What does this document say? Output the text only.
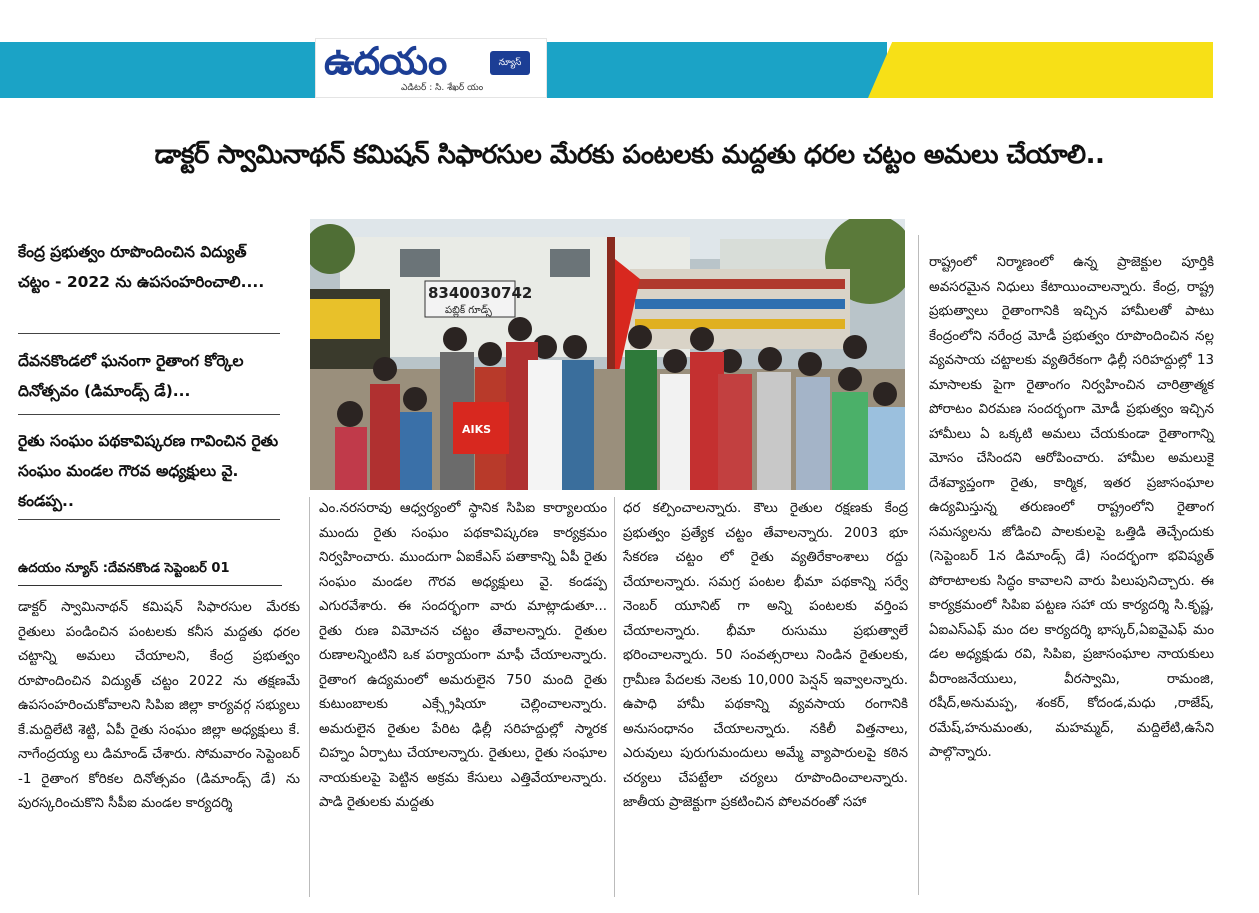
ఉదయం	న్యూస్
ఎడిటర్ : సి. శేఖర్ యం
డాక్టర్ స్వామినాథన్ కమిషన్ సిఫారసుల మేరకు పంటలకు మద్దతు ధరల చట్టం అమలు చేయాలి..
కేంద్ర ప్రభుత్వం రూపొందించిన విద్యుత్ చట్టం - 2022 ను ఉపసంహరించాలి....
దేవనకొండలో ఘనంగా రైతాంగ కోర్కెల దినోత్సవం (డిమాండ్స్ డే)...
రైతు సంఘం పథకావిష్కరణ గావించిన రైతు సంఘం మండల గౌరవ అధ్యక్షులు వై. కండప్ప..
ఉదయం న్యూస్ :దేవనకొండ సెప్టెంబర్ 01
8340030742
పబ్లిక్ గూడ్స్
AIKS
డాక్టర్ స్వామినాథన్ కమిషన్ సిఫారసుల మేరకు రైతులు పండించిన పంటలకు కనీస మద్దతు ధరల చట్టాన్ని అమలు చేయాలని, కేంద్ర ప్రభుత్వం రూపొందించిన విద్యుత్ చట్టం 2022 ను తక్షణమే ఉపసంహరించుకోవాలని సిపిఐ జిల్లా కార్యవర్గ సభ్యులు కే.మద్దిలేటి శెట్టి, ఏపీ రైతు సంఘం జిల్లా అధ్యక్షులు కే. నాగేంద్రయ్య లు డిమాండ్ చేశారు. సోమవారం సెప్టెంబర్ -1 రైతాంగ కోరికల దినోత్సవం (డిమాండ్స్ డే) ను పురస్కరించుకొని సీపీఐ మండల కార్యదర్శి
ఎం.నరసరావు ఆధ్వర్యంలో స్థానిక సిపిఐ కార్యాలయం ముందు రైతు సంఘం పథకావిష్కరణ కార్యక్రమం నిర్వహించారు. ముందుగా ఏఐకేఎస్ పతాకాన్ని ఏపీ రైతు సంఘం మండల గౌరవ అధ్యక్షులు వై. కండప్ప ఎగురవేశారు. ఈ సందర్భంగా వారు మాట్లాడుతూ... రైతు రుణ విమోచన చట్టం తేవాలన్నారు. రైతుల రుణాలన్నింటిని ఒక పర్యాయంగా మాఫీ చేయాలన్నారు. రైతాంగ ఉద్యమంలో అమరులైన 750 మంది రైతు కుటుంబాలకు ఎక్స్గ్రేషియా చెల్లించాలన్నారు. అమరులైన రైతుల పేరిట ఢిల్లీ సరిహద్దుల్లో స్మారక చిహ్నం ఏర్పాటు చేయాలన్నారు. రైతులు, రైతు సంఘాల నాయకులపై పెట్టిన అక్రమ కేసులు ఎత్తివేయాలన్నారు. పాడి రైతులకు మద్దతు
ధర కల్పించాలన్నారు. కౌలు రైతుల రక్షణకు కేంద్ర ప్రభుత్వం ప్రత్యేక చట్టం తేవాలన్నారు. 2003 భూ సేకరణ చట్టం లో రైతు వ్యతిరేకాంశాలు రద్దు చేయాలన్నారు. సమగ్ర పంటల భీమా పథకాన్ని సర్వే నెంబర్ యూనిట్ గా అన్ని పంటలకు వర్తింప చేయాలన్నారు. భీమా రుసుము ప్రభుత్వాలే భరించాలన్నారు. 50 సంవత్సరాలు నిండిన రైతులకు, గ్రామీణ పేదలకు నెలకు 10,000 పెన్షన్ ఇవ్వాలన్నారు. ఉపాధి హామీ పథకాన్ని వ్యవసాయ రంగానికి అనుసంధానం చేయాలన్నారు. నకిలీ విత్తనాలు, ఎరువులు పురుగుమందులు అమ్మే వ్యాపారులపై కఠిన చర్యలు చేపట్టేలా చర్యలు రూపొందించాలన్నారు. జాతీయ ప్రాజెక్టుగా ప్రకటించిన పోలవరంతో సహా
రాష్ట్రంలో నిర్మాణంలో ఉన్న ప్రాజెక్టుల పూర్తికి అవసరమైన నిధులు కేటాయించాలన్నారు. కేంద్ర, రాష్ట్ర ప్రభుత్వాలు రైతాంగానికి ఇచ్చిన హామీలతో పాటు కేంద్రంలోని నరేంద్ర మోడీ ప్రభుత్వం రూపొందించిన నల్ల వ్యవసాయ చట్టాలకు వ్యతిరేకంగా ఢిల్లీ సరిహద్దుల్లో 13 మాసాలకు పైగా రైతాంగం నిర్వహించిన చారిత్రాత్మక పోరాటం విరమణ సందర్భంగా మోడీ ప్రభుత్వం ఇచ్చిన హామీలు ఏ ఒక్కటి అమలు చేయకుండా రైతాంగాన్ని మోసం చేసిందని ఆరోపించారు. హామీల అమలుకై దేశవ్యాప్తంగా రైతు, కార్మిక, ఇతర ప్రజాసంఘాల ఉద్యమిస్తున్న తరుణంలో రాష్ట్రంలోని రైతాంగ సమస్యలను జోడించి పాలకులపై ఒత్తిడి తెచ్చేందుకు (సెప్టెంబర్ 1న డిమాండ్స్ డే) సందర్భంగా భవిష్యత్ పోరాటాలకు సిద్ధం కావాలని వారు పిలుపునిచ్చారు. ఈ కార్యక్రమంలో సిపిఐ పట్టణ సహా య కార్యదర్శి సి.కృష్ణ, ఏఐఎస్ఎఫ్ మం దల కార్యదర్శి భాస్కర్,ఏఐవైఎఫ్ మం డల అధ్యక్షుడు రవి, సిపిఐ, ప్రజాసంఘాల నాయకులు వీరాంజనేయులు, వీరస్వామి, రామంజి, రషీద్,అనుమప్ప, శంకర్, కోదండ,మధు ,రాజేష్, రమేష్,హనుమంతు, మహమ్మద్, మద్దిలేటి,ఉసేని పాల్గొన్నారు.
